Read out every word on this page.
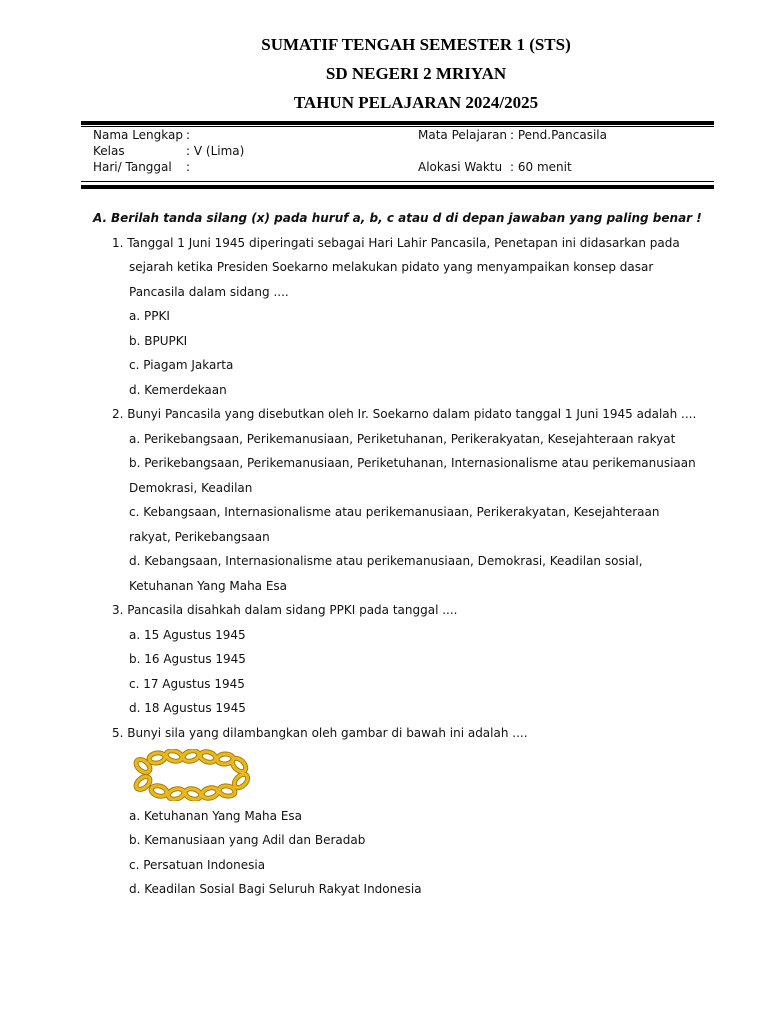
SUMATIF TENGAH SEMESTER 1 (STS)
SD NEGERI 2 MRIYAN
TAHUN PELAJARAN 2024/2025
Nama Lengkap :
Kelas	: V (Lima)
Hari/ Tanggal :
Mata Pelajaran : Pend.Pancasila
Alokasi Waktu : 60 menit
A. Berilah tanda silang (x) pada huruf a, b, c atau d di depan jawaban yang paling benar !
1. Tanggal 1 Juni 1945 diperingati sebagai Hari Lahir Pancasila, Penetapan ini didasarkan pada
sejarah ketika Presiden Soekarno melakukan pidato yang menyampaikan konsep dasar
Pancasila dalam sidang ....
a. PPKI
b. BPUPKI
c. Piagam Jakarta
d. Kemerdekaan
2. Bunyi Pancasila yang disebutkan oleh Ir. Soekarno dalam pidato tanggal 1 Juni 1945 adalah ....
a. Perikebangsaan, Perikemanusiaan, Periketuhanan, Perikerakyatan, Kesejahteraan rakyat
b. Perikebangsaan, Perikemanusiaan, Periketuhanan, Internasionalisme atau perikemanusiaan
Demokrasi, Keadilan
c. Kebangsaan, Internasionalisme atau perikemanusiaan, Perikerakyatan, Kesejahteraan
rakyat, Perikebangsaan
d. Kebangsaan, Internasionalisme atau perikemanusiaan, Demokrasi, Keadilan sosial,
Ketuhanan Yang Maha Esa
3. Pancasila disahkah dalam sidang PPKI pada tanggal ....
a. 15 Agustus 1945
b. 16 Agustus 1945
c. 17 Agustus 1945
d. 18 Agustus 1945
5. Bunyi sila yang dilambangkan oleh gambar di bawah ini adalah ....
a. Ketuhanan Yang Maha Esa
b. Kemanusiaan yang Adil dan Beradab
c. Persatuan Indonesia
d. Keadilan Sosial Bagi Seluruh Rakyat Indonesia
